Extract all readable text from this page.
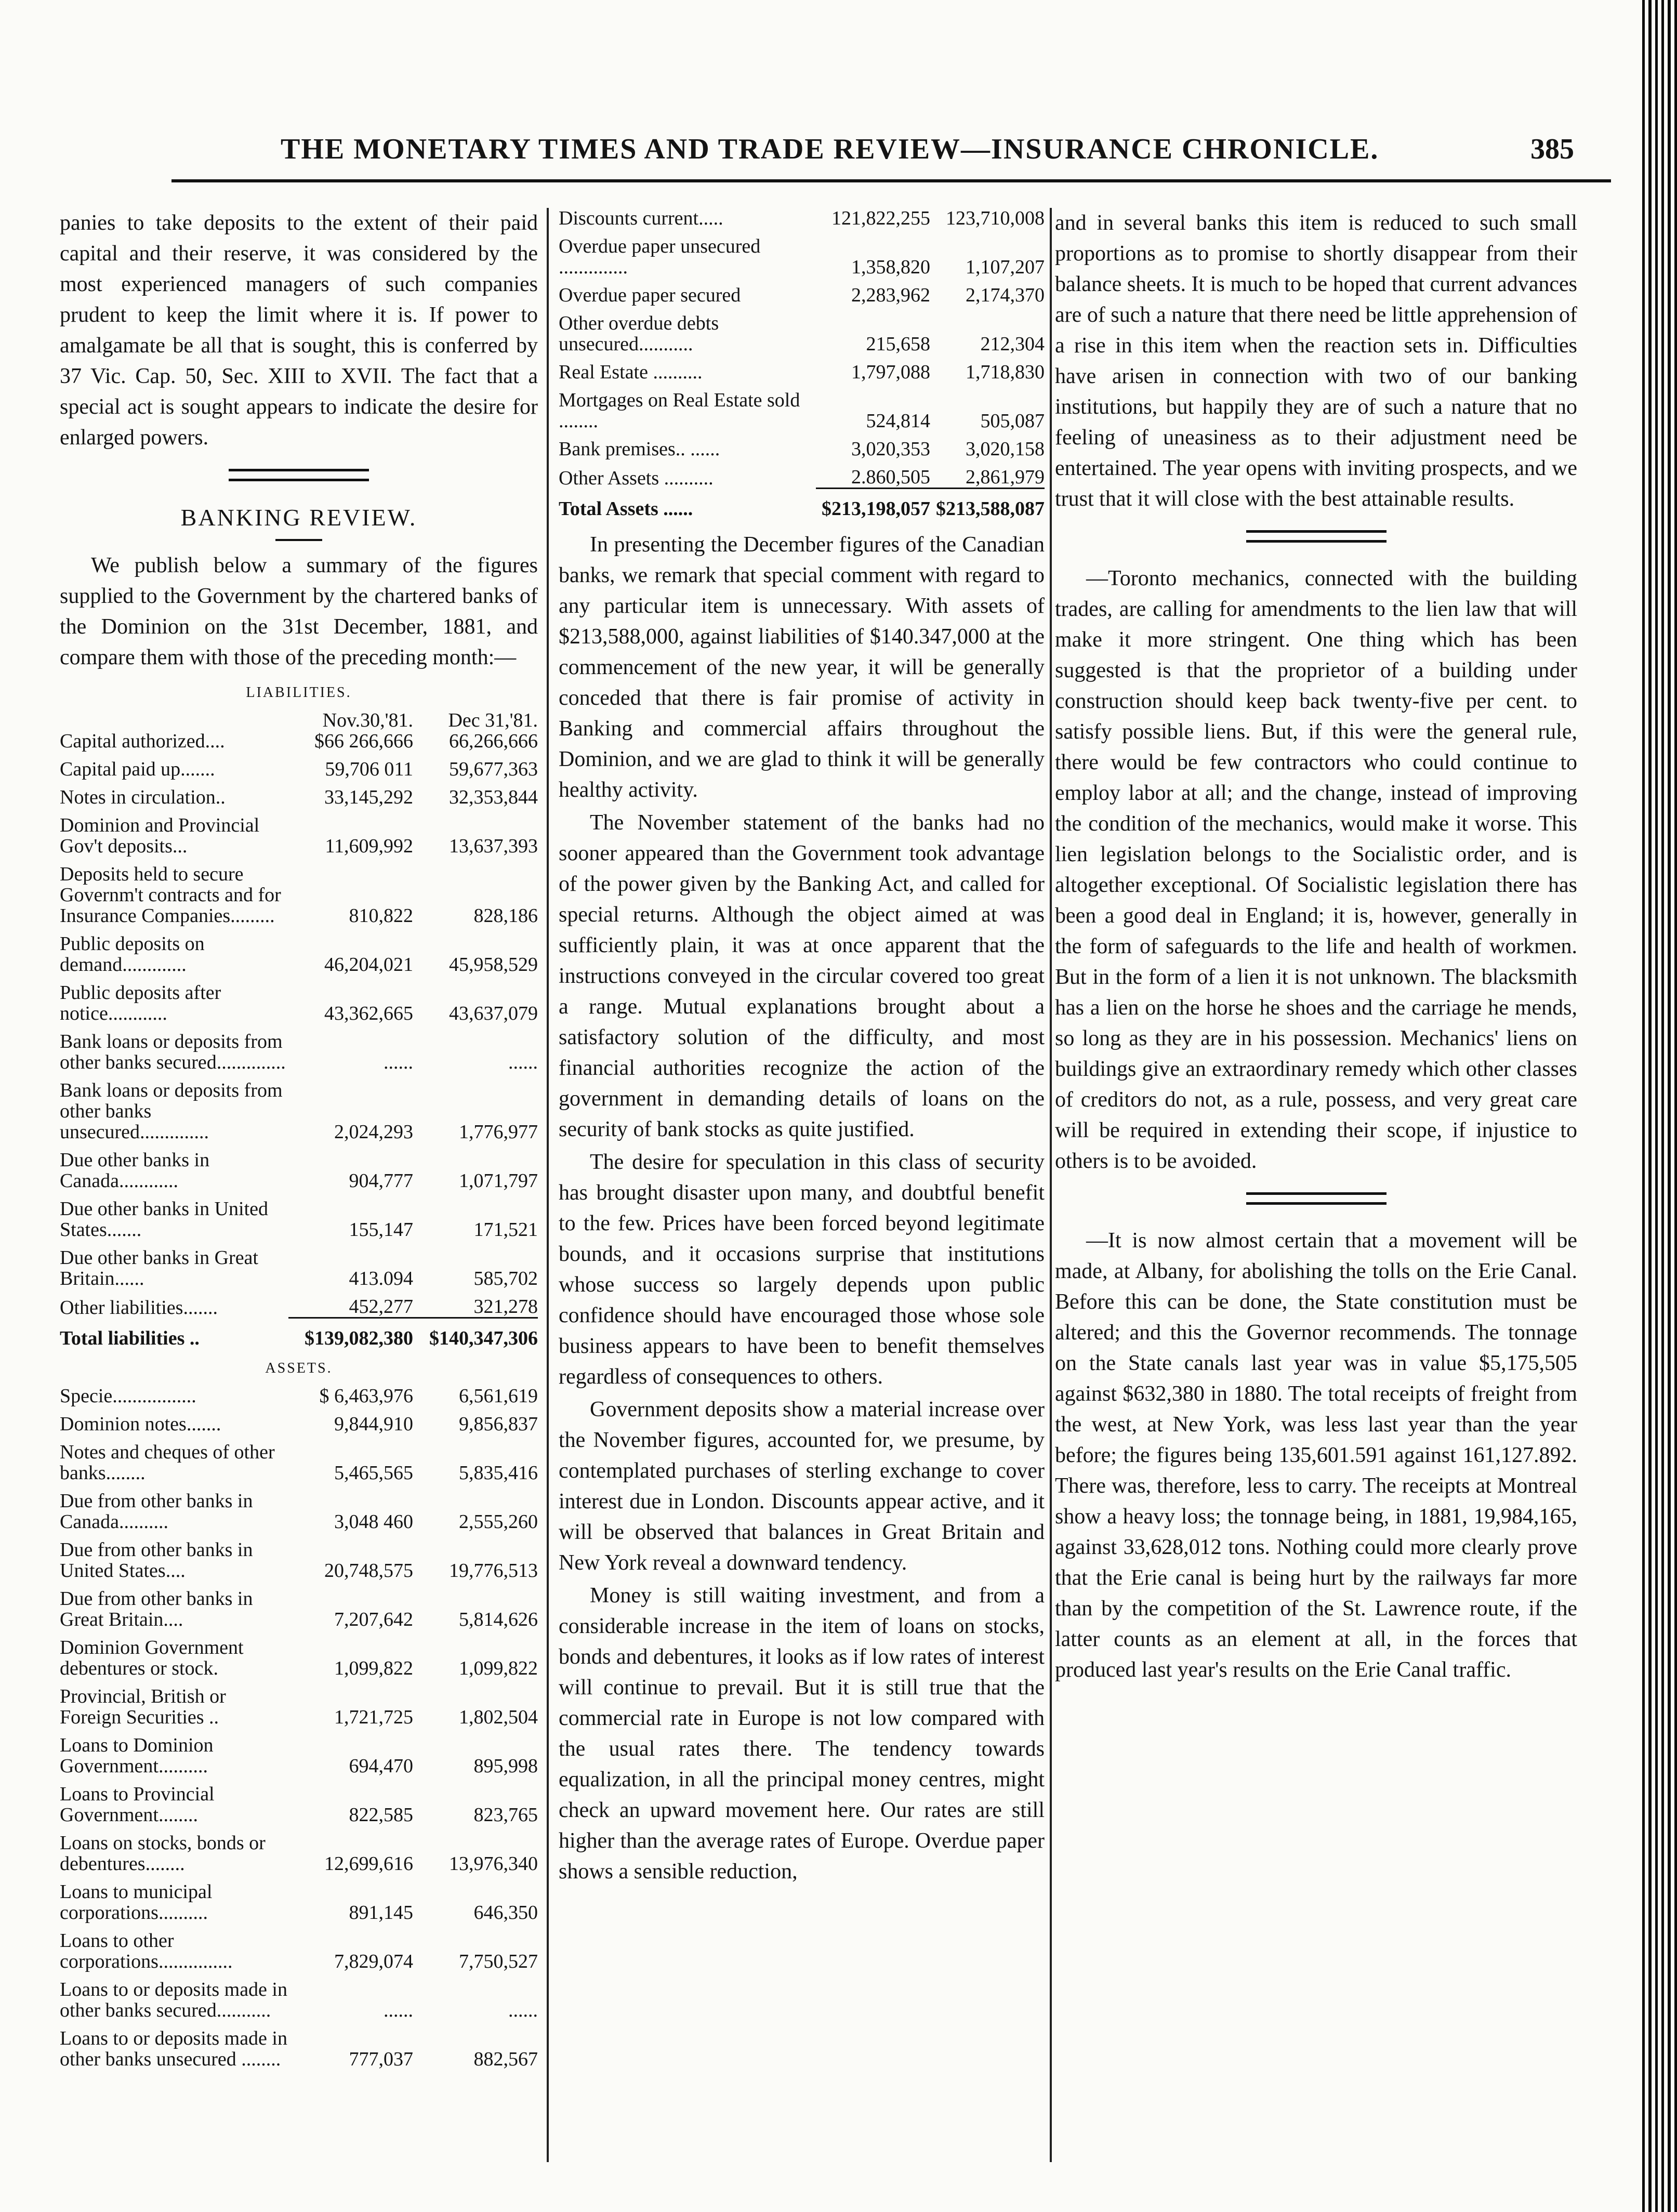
THE MONETARY TIMES AND TRADE REVIEW—INSURANCE CHRONICLE.	385

panies to take deposits to the extent of their paid capital and their reserve, it was considered by the most experienced managers of such companies prudent to keep the limit where it is. If power to amalgamate be all that is sought, this is conferred by 37 Vic. Cap. 50, Sec. XIII to XVII. The fact that a special act is sought appears to indicate the desire for enlarged powers.

BANKING REVIEW.

We publish below a summary of the figures supplied to the Government by the chartered banks of the Dominion on the 31st December, 1881, and compare them with those of the preceding month:—

LIABILITIES.
	Nov.30,'81.	Dec 31,'81.
Capital authorized....	$66 266,666	66,266,666
Capital paid up.......	59,706 011	59,677,363
Notes in circulation..	33,145,292	32,353,844
Dominion and Provincial Gov't deposits...	11,609,992	13,637,393
Deposits held to secure Governm't contracts and for Insurance Companies.........	810,822	828,186
Public deposits on demand.............	46,204,021	45,958,529
Public deposits after notice............	43,362,665	43,637,079
Bank loans or deposits from other banks secured..............	......	......
Bank loans or deposits from other banks unsecured..............	2,024,293	1,776,977
Due other banks in Canada............	904,777	1,071,797
Due other banks in United States.......	155,147	171,521
Due other banks in Great Britain......	413.094	585,702
Other liabilities.......	452,277	321,278
Total liabilities ..	$139,082,380	$140,347,306
ASSETS.
Specie.................	$ 6,463,976	6,561,619
Dominion notes.......	9,844,910	9,856,837
Notes and cheques of other banks........	5,465,565	5,835,416
Due from other banks in Canada..........	3,048 460	2,555,260
Due from other banks in United States....	20,748,575	19,776,513
Due from other banks in Great Britain....	7,207,642	5,814,626
Dominion Government debentures or stock.	1,099,822	1,099,822
Provincial, British or Foreign Securities ..	1,721,725	1,802,504
Loans to Dominion Government..........	694,470	895,998
Loans to Provincial Government........	822,585	823,765
Loans on stocks, bonds or debentures........	12,699,616	13,976,340
Loans to municipal corporations..........	891,145	646,350
Loans to other corporations...............	7,829,074	7,750,527
Loans to or deposits made in other banks secured...........	......	......
Loans to or deposits made in other banks unsecured ........	777,037	882,567
Discounts current.....	121,822,255	123,710,008
Overdue paper unsecured ..............	1,358,820	1,107,207
Overdue paper secured	2,283,962	2,174,370
Other overdue debts unsecured...........	215,658	212,304
Real Estate ..........	1,797,088	1,718,830
Mortgages on Real Estate sold ........	524,814	505,087
Bank premises.. ......	3,020,353	3,020,158
Other Assets ..........	2.860,505	2,861,979
Total Assets ......	$213,198,057	$213,588,087

In presenting the December figures of the Canadian banks, we remark that special comment with regard to any particular item is unnecessary. With assets of $213,588,000, against liabilities of $140.347,000 at the commencement of the new year, it will be generally conceded that there is fair promise of activity in Banking and commercial affairs throughout the Dominion, and we are glad to think it will be generally healthy activity.

The November statement of the banks had no sooner appeared than the Government took advantage of the power given by the Banking Act, and called for special returns. Although the object aimed at was sufficiently plain, it was at once apparent that the instructions conveyed in the circular covered too great a range. Mutual explanations brought about a satisfactory solution of the difficulty, and most financial authorities recognize the action of the government in demanding details of loans on the security of bank stocks as quite justified.

The desire for speculation in this class of security has brought disaster upon many, and doubtful benefit to the few. Prices have been forced beyond legitimate bounds, and it occasions surprise that institutions whose success so largely depends upon public confidence should have encouraged those whose sole business appears to have been to benefit themselves regardless of consequences to others.

Government deposits show a material increase over the November figures, accounted for, we presume, by contemplated purchases of sterling exchange to cover interest due in London. Discounts appear active, and it will be observed that balances in Great Britain and New York reveal a downward tendency.

Money is still waiting investment, and from a considerable increase in the item of loans on stocks, bonds and debentures, it looks as if low rates of interest will continue to prevail. But it is still true that the commercial rate in Europe is not low compared with the usual rates there. The tendency towards equalization, in all the principal money centres, might check an upward movement here. Our rates are still higher than the average rates of Europe. Overdue paper shows a sensible reduction,

and in several banks this item is reduced to such small proportions as to promise to shortly disappear from their balance sheets. It is much to be hoped that current advances are of such a nature that there need be little apprehension of a rise in this item when the reaction sets in. Difficulties have arisen in connection with two of our banking institutions, but happily they are of such a nature that no feeling of uneasiness as to their adjustment need be entertained. The year opens with inviting prospects, and we trust that it will close with the best attainable results.

—Toronto mechanics, connected with the building trades, are calling for amendments to the lien law that will make it more stringent. One thing which has been suggested is that the proprietor of a building under construction should keep back twenty-five per cent. to satisfy possible liens. But, if this were the general rule, there would be few contractors who could continue to employ labor at all; and the change, instead of improving the condition of the mechanics, would make it worse. This lien legislation belongs to the Socialistic order, and is altogether exceptional. Of Socialistic legislation there has been a good deal in England; it is, however, generally in the form of safeguards to the life and health of workmen. But in the form of a lien it is not unknown. The blacksmith has a lien on the horse he shoes and the carriage he mends, so long as they are in his possession. Mechanics' liens on buildings give an extraordinary remedy which other classes of creditors do not, as a rule, possess, and very great care will be required in extending their scope, if injustice to others is to be avoided.

—It is now almost certain that a movement will be made, at Albany, for abolishing the tolls on the Erie Canal. Before this can be done, the State constitution must be altered; and this the Governor recommends. The tonnage on the State canals last year was in value $5,175,505 against $632,380 in 1880. The total receipts of freight from the west, at New York, was less last year than the year before; the figures being 135,601.591 against 161,127.892. There was, therefore, less to carry. The receipts at Montreal show a heavy loss; the tonnage being, in 1881, 19,984,165, against 33,628,012 tons. Nothing could more clearly prove that the Erie canal is being hurt by the railways far more than by the competition of the St. Lawrence route, if the latter counts as an element at all, in the forces that produced last year's results on the Erie Canal traffic.
